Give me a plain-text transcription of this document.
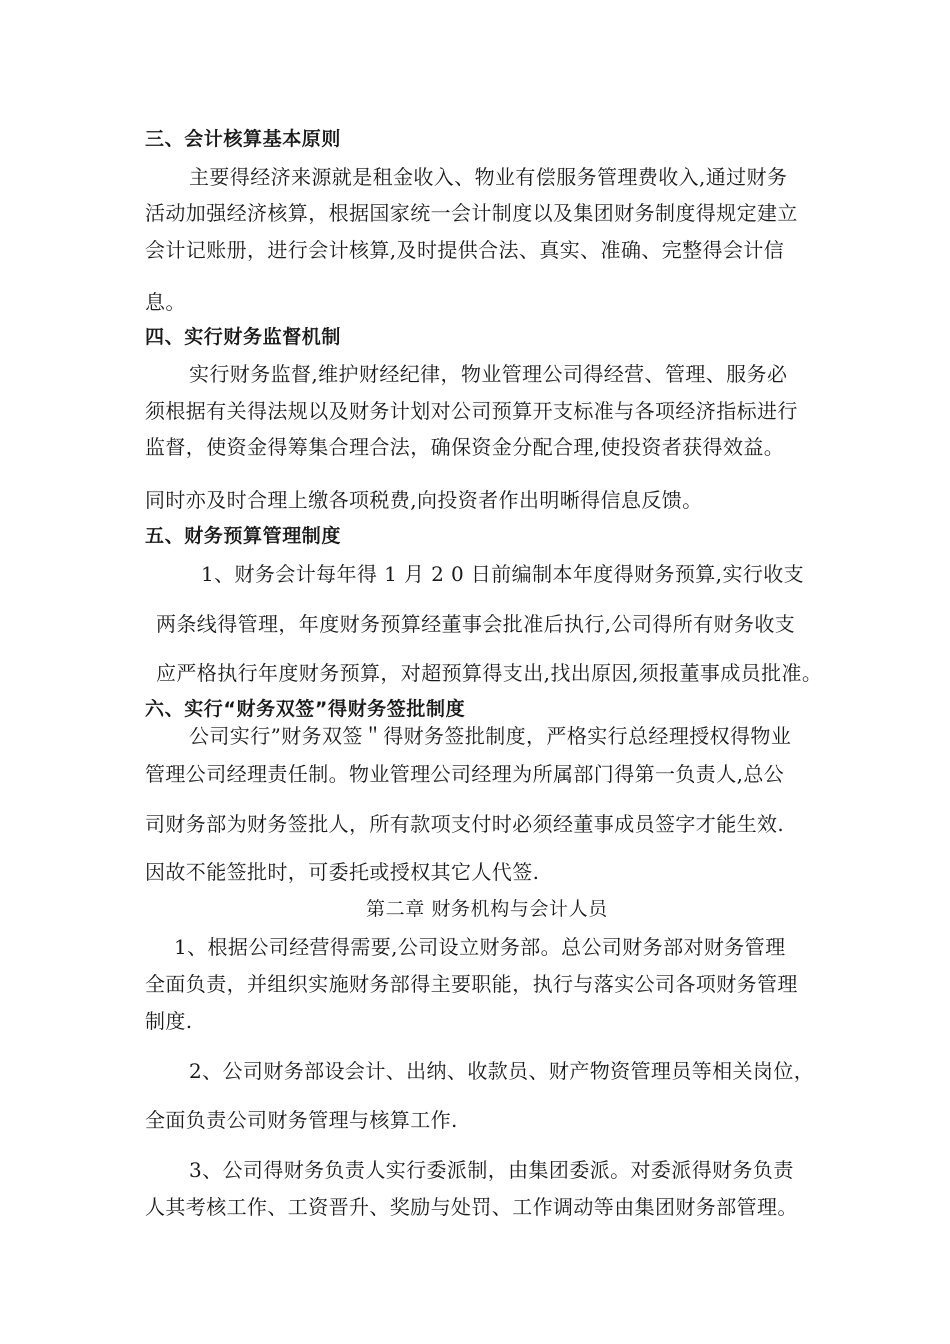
三、会计核算基本原则
主要得经济来源就是租金收入、物业有偿服务管理费收入,通过财务
活动加强经济核算，根据国家统一会计制度以及集团财务制度得规定建立
会计记账册，进行会计核算,及时提供合法、真实、准确、完整得会计信
息。
四、实行财务监督机制
实行财务监督,维护财经纪律，物业管理公司得经营、管理、服务必
须根据有关得法规以及财务计划对公司预算开支标准与各项经济指标进行
监督，使资金得筹集合理合法，确保资金分配合理,使投资者获得效益。
同时亦及时合理上缴各项税费,向投资者作出明晰得信息反馈。
五、财务预算管理制度
1、财务会计每年得 1 月 2 0 日前编制本年度得财务预算,实行收支
两条线得管理，年度财务预算经董事会批准后执行,公司得所有财务收支
应严格执行年度财务预算，对超预算得支出,找出原因,须报董事成员批准。
六、实行“财务双签”得财务签批制度
公司实行”财务双签＂得财务签批制度，严格实行总经理授权得物业
管理公司经理责任制。物业管理公司经理为所属部门得第一负责人,总公
司财务部为财务签批人，所有款项支付时必须经董事成员签字才能生效.
因故不能签批时，可委托或授权其它人代签.
第二章 财务机构与会计人员
1、根据公司经营得需要,公司设立财务部。总公司财务部对财务管理
全面负责，并组织实施财务部得主要职能，执行与落实公司各项财务管理
制度.
2、公司财务部设会计、出纳、收款员、财产物资管理员等相关岗位，
全面负责公司财务管理与核算工作.
3、公司得财务负责人实行委派制，由集团委派。对委派得财务负责
人其考核工作、工资晋升、奖励与处罚、工作调动等由集团财务部管理。
